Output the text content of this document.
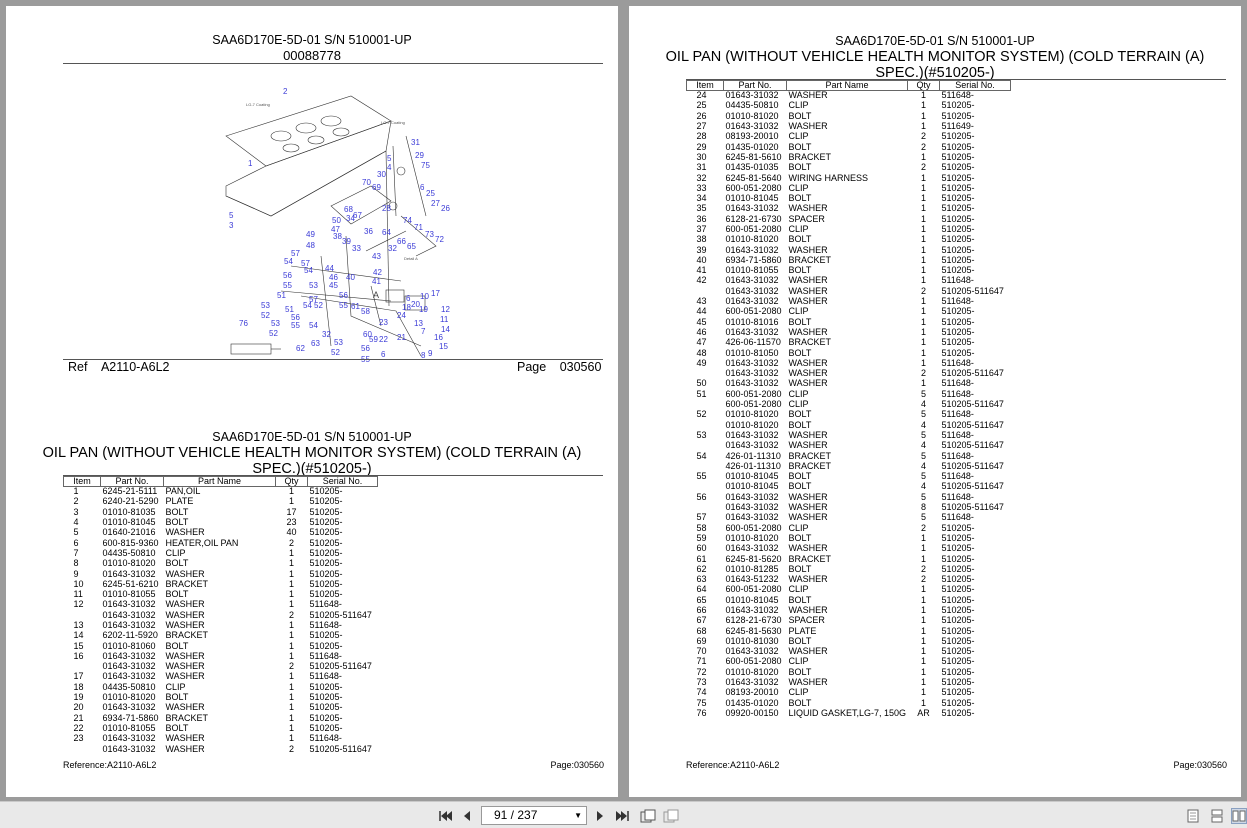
SAA6D170E-5D-01 S/N 510001-UP
00088778
2
1
5
3
5
4
31
29
75
6
25
27
26
30
70
69
68
67
28
74
71
73
72
50 34
36 64
66
65
32
49
47
38
39
33
43
48
57
54 57
54 44
46 40
42
41
56
53 45
55
56
51	57
54 52 55
53 51
52	56
53 55
52
54
32
53
52
63
62
76
58
61
6 10 17
20
19 12
11
14
16
15
18
24
23
60
22 21
59
7
56
6
55	8 9
13
A
LG-7 Coating
LG-7 Coating
Detail A
Ref A2110-A6L2	Page 030560
SAA6D170E-5D-01 S/N 510001-UP
OIL PAN (WITHOUT VEHICLE HEALTH MONITOR SYSTEM) (COLD TERRAIN (A)
SPEC.)(#510205-)
Item	Part No.	Part Name	Qty	Serial No.
1	6245-21-5111	PAN,OIL	1	510205-
2	6240-21-5290	PLATE	1	510205-
3	01010-81035	BOLT	17	510205-
4	01010-81045	BOLT	23	510205-
5	01640-21016	WASHER	40	510205-
6	600-815-9360	HEATER,OIL PAN	2	510205-
7	04435-50810	CLIP	1	510205-
8	01010-81020	BOLT	1	510205-
9	01643-31032	WASHER	1	510205-
10	6245-51-6210	BRACKET	1	510205-
11	01010-81055	BOLT	1	510205-
12	01643-31032	WASHER	1	511648-
	01643-31032	WASHER	2	510205-511647
13	01643-31032	WASHER	1	511648-
14	6202-11-5920	BRACKET	1	510205-
15	01010-81060	BOLT	1	510205-
16	01643-31032	WASHER	1	511648-
	01643-31032	WASHER	2	510205-511647
17	01643-31032	WASHER	1	511648-
18	04435-50810	CLIP	1	510205-
19	01010-81020	BOLT	1	510205-
20	01643-31032	WASHER	1	510205-
21	6934-71-5860	BRACKET	1	510205-
22	01010-81055	BOLT	1	510205-
23	01643-31032	WASHER	1	511648-
	01643-31032	WASHER	2	510205-511647
Reference:A2110-A6L2	Page:030560
SAA6D170E-5D-01 S/N 510001-UP
OIL PAN (WITHOUT VEHICLE HEALTH MONITOR SYSTEM) (COLD TERRAIN (A)
SPEC.)(#510205-)
Item	Part No.	Part Name	Qty	Serial No.
24	01643-31032	WASHER	1	511648-
25	04435-50810	CLIP	1	510205-
26	01010-81020	BOLT	1	510205-
27	01643-31032	WASHER	1	511649-
28	08193-20010	CLIP	2	510205-
29	01435-01020	BOLT	2	510205-
30	6245-81-5610	BRACKET	1	510205-
31	01435-01035	BOLT	2	510205-
32	6245-81-5640	WIRING HARNESS	1	510205-
33	600-051-2080	CLIP	1	510205-
34	01010-81045	BOLT	1	510205-
35	01643-31032	WASHER	1	510205-
36	6128-21-6730	SPACER	1	510205-
37	600-051-2080	CLIP	1	510205-
38	01010-81020	BOLT	1	510205-
39	01643-31032	WASHER	1	510205-
40	6934-71-5860	BRACKET	1	510205-
41	01010-81055	BOLT	1	510205-
42	01643-31032	WASHER	1	511648-
	01643-31032	WASHER	2	510205-511647
43	01643-31032	WASHER	1	511648-
44	600-051-2080	CLIP	1	510205-
45	01010-81016	BOLT	1	510205-
46	01643-31032	WASHER	1	510205-
47	426-06-11570	BRACKET	1	510205-
48	01010-81050	BOLT	1	510205-
49	01643-31032	WASHER	1	511648-
	01643-31032	WASHER	2	510205-511647
50	01643-31032	WASHER	1	511648-
51	600-051-2080	CLIP	5	511648-
	600-051-2080	CLIP	4	510205-511647
52	01010-81020	BOLT	5	511648-
	01010-81020	BOLT	4	510205-511647
53	01643-31032	WASHER	5	511648-
	01643-31032	WASHER	4	510205-511647
54	426-01-11310	BRACKET	5	511648-
	426-01-11310	BRACKET	4	510205-511647
55	01010-81045	BOLT	5	511648-
	01010-81045	BOLT	4	510205-511647
56	01643-31032	WASHER	5	511648-
	01643-31032	WASHER	8	510205-511647
57	01643-31032	WASHER	5	511648-
58	600-051-2080	CLIP	2	510205-
59	01010-81020	BOLT	1	510205-
60	01643-31032	WASHER	1	510205-
61	6245-81-5620	BRACKET	1	510205-
62	01010-81285	BOLT	2	510205-
63	01643-51232	WASHER	2	510205-
64	600-051-2080	CLIP	1	510205-
65	01010-81045	BOLT	1	510205-
66	01643-31032	WASHER	1	510205-
67	6128-21-6730	SPACER	1	510205-
68	6245-81-5630	PLATE	1	510205-
69	01010-81030	BOLT	1	510205-
70	01643-31032	WASHER	1	510205-
71	600-051-2080	CLIP	1	510205-
72	01010-81020	BOLT	1	510205-
73	01643-31032	WASHER	1	510205-
74	08193-20010	CLIP	1	510205-
75	01435-01020	BOLT	1	510205-
76	09920-00150	LIQUID GASKET,LG-7, 150G	AR	510205-
Reference:A2110-A6L2	Page:030560
91 / 237	▼
